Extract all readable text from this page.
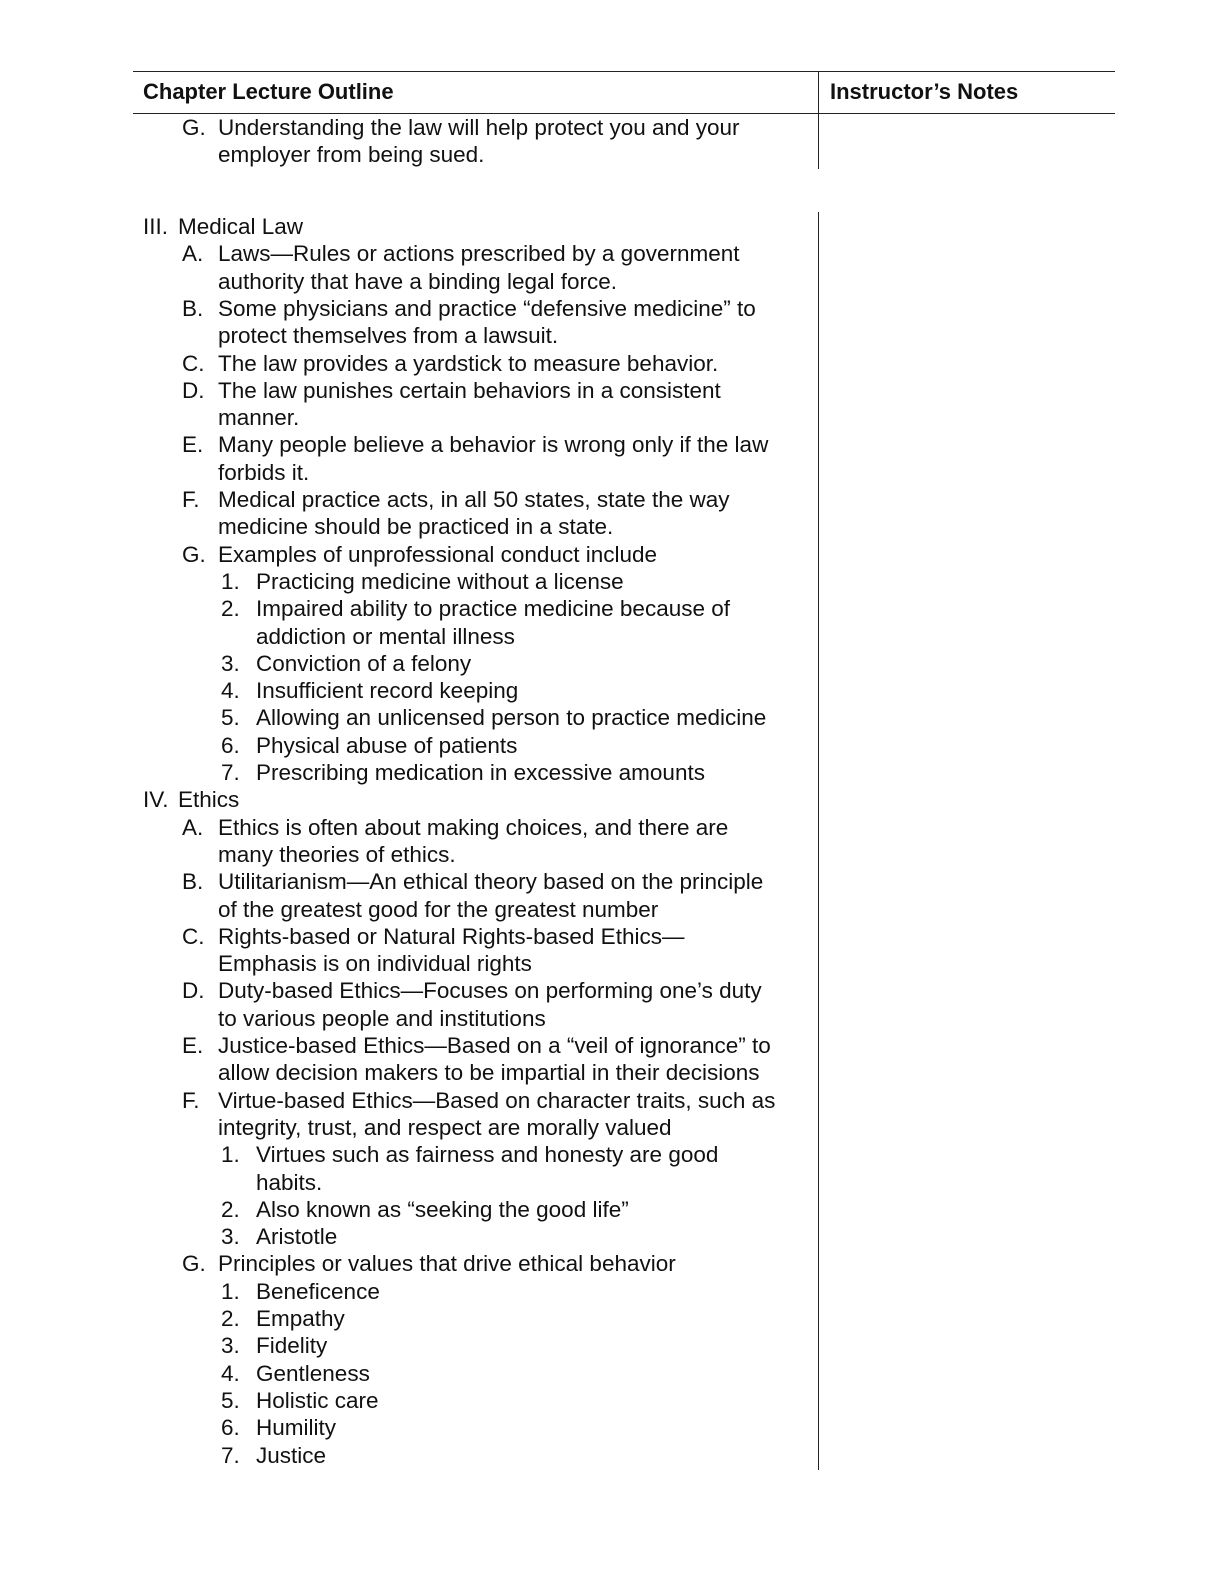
Chapter Lecture Outline	Instructor’s Notes
G. Understanding the law will help protect you and your
employer from being sued.
III. Medical Law
A. Laws—Rules or actions prescribed by a government
authority that have a binding legal force.
B. Some physicians and practice “defensive medicine” to
protect themselves from a lawsuit.
C. The law provides a yardstick to measure behavior.
D. The law punishes certain behaviors in a consistent
manner.
E. Many people believe a behavior is wrong only if the law
forbids it.
F. Medical practice acts, in all 50 states, state the way
medicine should be practiced in a state.
G. Examples of unprofessional conduct include
1. Practicing medicine without a license
2. Impaired ability to practice medicine because of
addiction or mental illness
3. Conviction of a felony
4. Insufficient record keeping
5. Allowing an unlicensed person to practice medicine
6. Physical abuse of patients
7. Prescribing medication in excessive amounts
IV. Ethics
A. Ethics is often about making choices, and there are
many theories of ethics.
B. Utilitarianism—An ethical theory based on the principle
of the greatest good for the greatest number
C. Rights-based or Natural Rights-based Ethics—
Emphasis is on individual rights
D. Duty-based Ethics—Focuses on performing one’s duty
to various people and institutions
E. Justice-based Ethics—Based on a “veil of ignorance” to
allow decision makers to be impartial in their decisions
F. Virtue-based Ethics—Based on character traits, such as
integrity, trust, and respect are morally valued
1. Virtues such as fairness and honesty are good
habits.
2. Also known as “seeking the good life”
3. Aristotle
G. Principles or values that drive ethical behavior
1. Beneficence
2. Empathy
3. Fidelity
4. Gentleness
5. Holistic care
6. Humility
7. Justice
